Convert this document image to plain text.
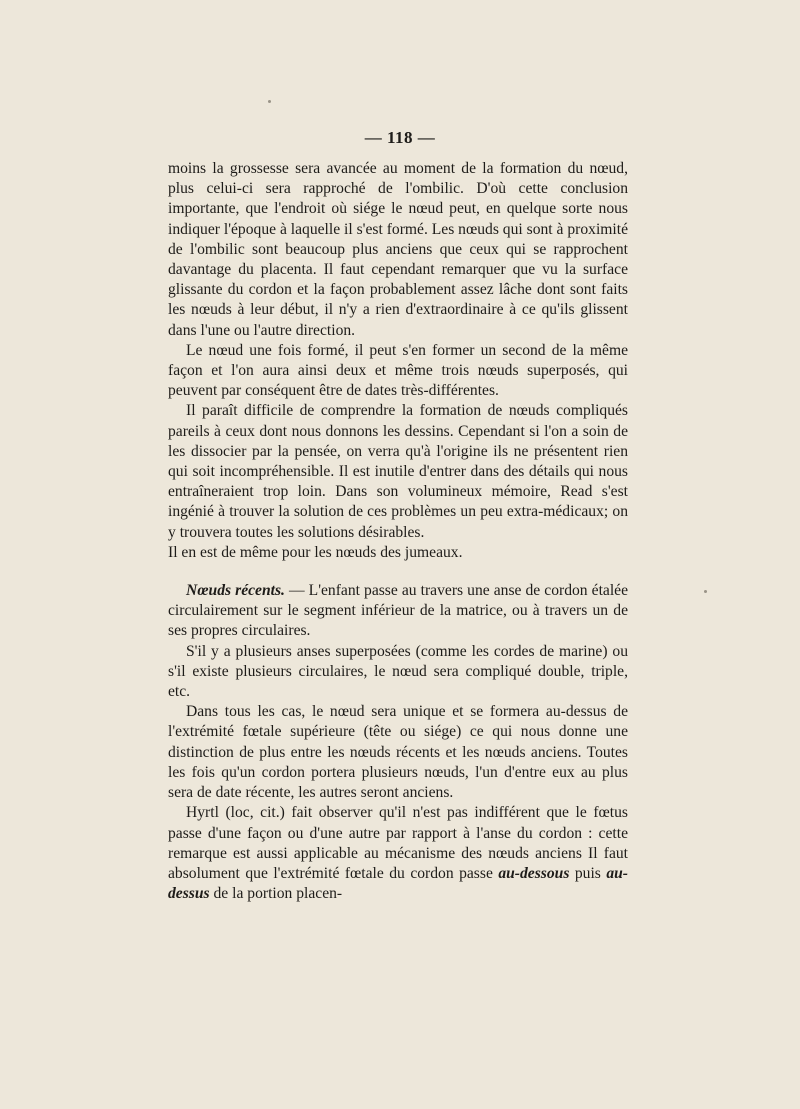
— 118 —

moins la grossesse sera avancée au moment de la formation du nœud, plus celui-ci sera rapproché de l'ombilic. D'où cette conclusion importante, que l'endroit où siége le nœud peut, en quelque sorte nous indiquer l'époque à laquelle il s'est formé. Les nœuds qui sont à proximité de l'ombilic sont beaucoup plus anciens que ceux qui se rapprochent davantage du placenta. Il faut cependant remarquer que vu la surface glissante du cordon et la façon probablement assez lâche dont sont faits les nœuds à leur début, il n'y a rien d'extraordinaire à ce qu'ils glissent dans l'une ou l'autre direction.

Le nœud une fois formé, il peut s'en former un second de la même façon et l'on aura ainsi deux et même trois nœuds superposés, qui peuvent par conséquent être de dates très-différentes.

Il paraît difficile de comprendre la formation de nœuds compliqués pareils à ceux dont nous donnons les dessins. Cependant si l'on a soin de les dissocier par la pensée, on verra qu'à l'origine ils ne présentent rien qui soit incompréhensible. Il est inutile d'entrer dans des détails qui nous entraîneraient trop loin. Dans son volumineux mémoire, Read s'est ingénié à trouver la solution de ces problèmes un peu extra-médicaux; on y trouvera toutes les solutions désirables.

Il en est de même pour les nœuds des jumeaux.

Nœuds récents. — L'enfant passe au travers une anse de cordon étalée circulairement sur le segment inférieur de la matrice, ou à travers un de ses propres circulaires.

S'il y a plusieurs anses superposées (comme les cordes de marine) ou s'il existe plusieurs circulaires, le nœud sera compliqué double, triple, etc.

Dans tous les cas, le nœud sera unique et se formera au-dessus de l'extrémité fœtale supérieure (tête ou siége) ce qui nous donne une distinction de plus entre les nœuds récents et les nœuds anciens. Toutes les fois qu'un cordon portera plusieurs nœuds, l'un d'entre eux au plus sera de date récente, les autres seront anciens.

Hyrtl (loc, cit.) fait observer qu'il n'est pas indifférent que le fœtus passe d'une façon ou d'une autre par rapport à l'anse du cordon : cette remarque est aussi applicable au mécanisme des nœuds anciens Il faut absolument que l'extrémité fœtale du cordon passe au-dessous puis au-dessus de la portion placen-
